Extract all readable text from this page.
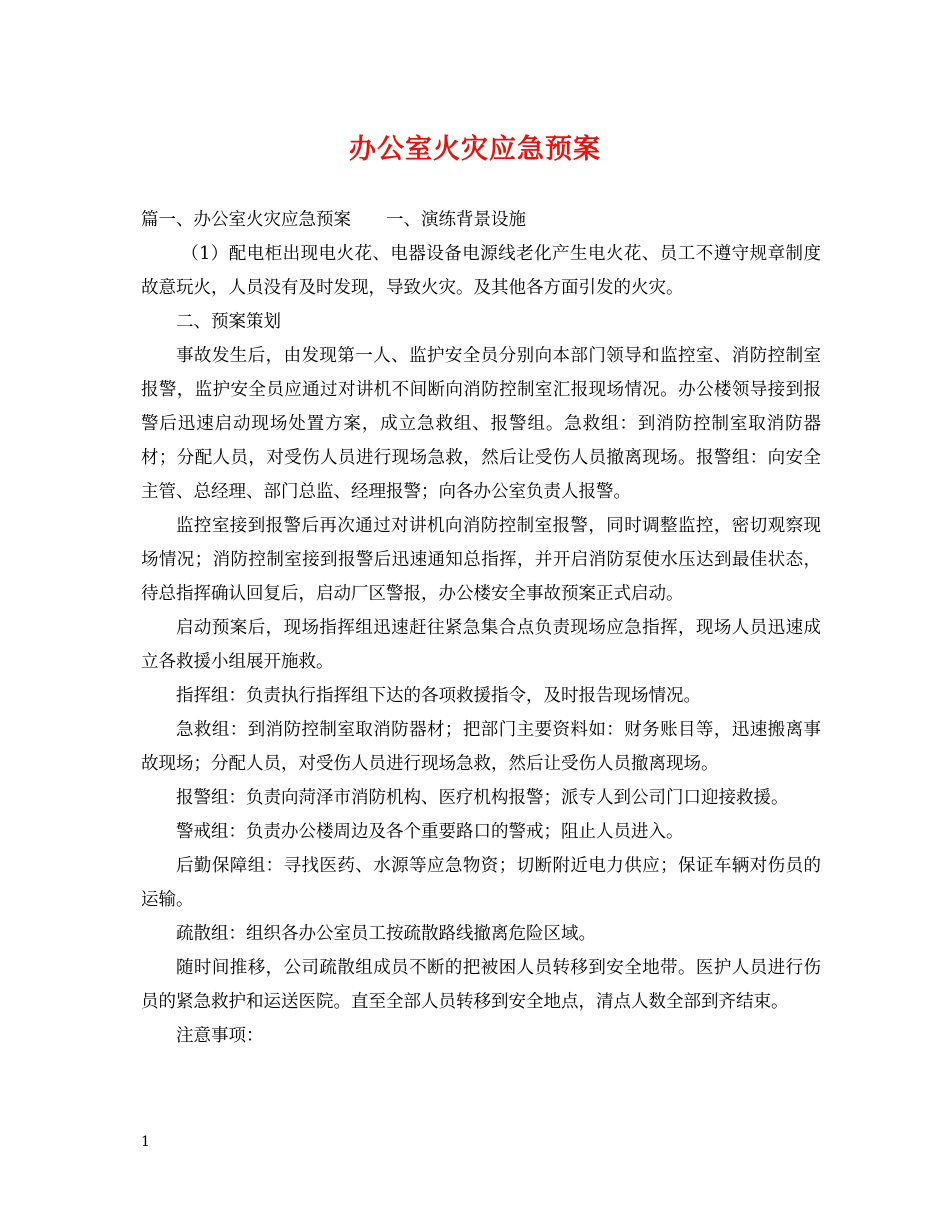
办公室火灾应急预案

篇一、办公室火灾应急预案　　一、演练背景设施

（1）配电柜出现电火花、电器设备电源线老化产生电火花、员工不遵守规章制度故意玩火，人员没有及时发现，导致火灾。及其他各方面引发的火灾。

二、预案策划

事故发生后，由发现第一人、监护安全员分别向本部门领导和监控室、消防控制室报警，监护安全员应通过对讲机不间断向消防控制室汇报现场情况。办公楼领导接到报警后迅速启动现场处置方案，成立急救组、报警组。急救组：到消防控制室取消防器材；分配人员，对受伤人员进行现场急救，然后让受伤人员撤离现场。报警组：向安全主管、总经理、部门总监、经理报警；向各办公室负责人报警。

监控室接到报警后再次通过对讲机向消防控制室报警，同时调整监控，密切观察现场情况；消防控制室接到报警后迅速通知总指挥，并开启消防泵使水压达到最佳状态，待总指挥确认回复后，启动厂区警报，办公楼安全事故预案正式启动。

启动预案后，现场指挥组迅速赶往紧急集合点负责现场应急指挥，现场人员迅速成立各救援小组展开施救。

指挥组：负责执行指挥组下达的各项救援指令，及时报告现场情况。

急救组：到消防控制室取消防器材；把部门主要资料如：财务账目等，迅速搬离事故现场；分配人员，对受伤人员进行现场急救，然后让受伤人员撤离现场。

报警组：负责向菏泽市消防机构、医疗机构报警；派专人到公司门口迎接救援。

警戒组：负责办公楼周边及各个重要路口的警戒；阻止人员进入。

后勤保障组：寻找医药、水源等应急物资；切断附近电力供应；保证车辆对伤员的运输。

疏散组：组织各办公室员工按疏散路线撤离危险区域。

随时间推移，公司疏散组成员不断的把被困人员转移到安全地带。医护人员进行伤员的紧急救护和运送医院。直至全部人员转移到安全地点，清点人数全部到齐结束。

注意事项：

1
